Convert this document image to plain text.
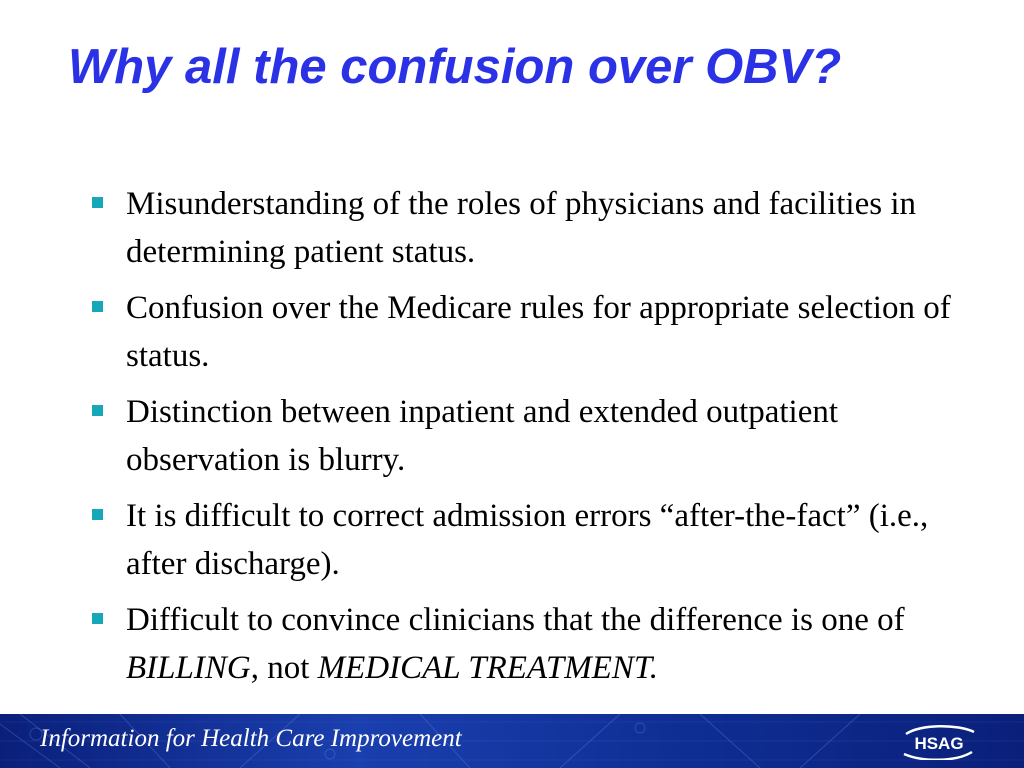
Why all the confusion over OBV?
Misunderstanding of the roles of physicians and facilities in determining patient status.
Confusion over the Medicare rules for appropriate selection of status.
Distinction between inpatient and extended outpatient observation is blurry.
It is difficult to correct admission errors “after-the-fact” (i.e., after discharge).
Difficult to convince clinicians that the difference is one of BILLING, not MEDICAL TREATMENT.
Information for Health Care Improvement	HSAG
